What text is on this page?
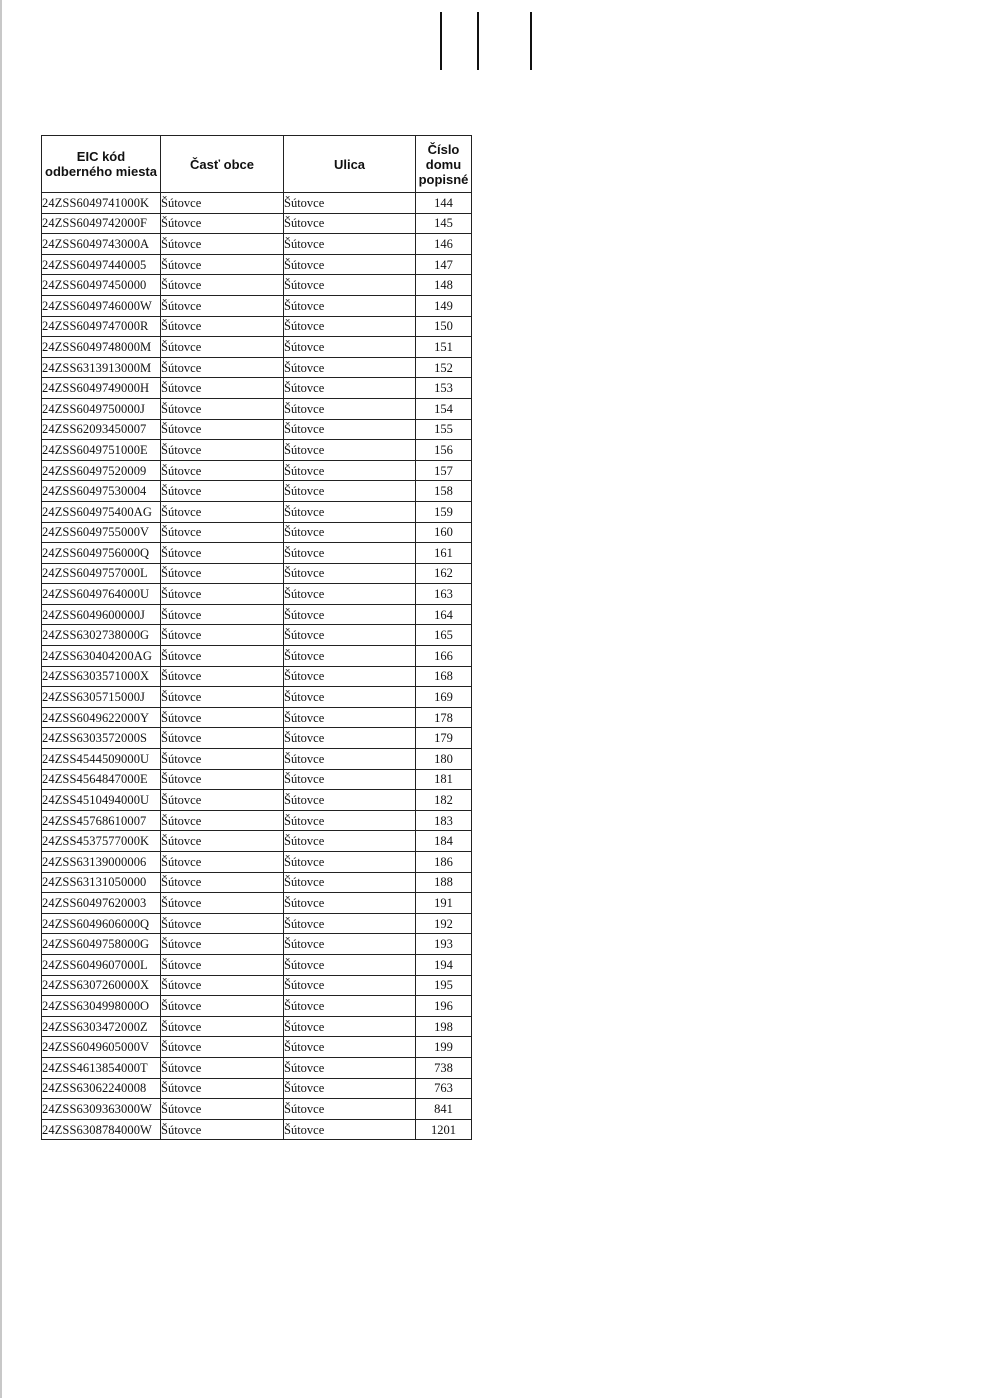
EIC kód odberného miesta	Časť obce	Ulica	Číslo domu popisné
24ZSS6049741000K	Šútovce	Šútovce	144
24ZSS6049742000F	Šútovce	Šútovce	145
24ZSS6049743000A	Šútovce	Šútovce	146
24ZSS60497440005	Šútovce	Šútovce	147
24ZSS60497450000	Šútovce	Šútovce	148
24ZSS6049746000W	Šútovce	Šútovce	149
24ZSS6049747000R	Šútovce	Šútovce	150
24ZSS6049748000M	Šútovce	Šútovce	151
24ZSS6313913000M	Šútovce	Šútovce	152
24ZSS6049749000H	Šútovce	Šútovce	153
24ZSS6049750000J	Šútovce	Šútovce	154
24ZSS62093450007	Šútovce	Šútovce	155
24ZSS6049751000E	Šútovce	Šútovce	156
24ZSS60497520009	Šútovce	Šútovce	157
24ZSS60497530004	Šútovce	Šútovce	158
24ZSS604975400AG	Šútovce	Šútovce	159
24ZSS6049755000V	Šútovce	Šútovce	160
24ZSS6049756000Q	Šútovce	Šútovce	161
24ZSS6049757000L	Šútovce	Šútovce	162
24ZSS6049764000U	Šútovce	Šútovce	163
24ZSS6049600000J	Šútovce	Šútovce	164
24ZSS6302738000G	Šútovce	Šútovce	165
24ZSS630404200AG	Šútovce	Šútovce	166
24ZSS6303571000X	Šútovce	Šútovce	168
24ZSS6305715000J	Šútovce	Šútovce	169
24ZSS6049622000Y	Šútovce	Šútovce	178
24ZSS6303572000S	Šútovce	Šútovce	179
24ZSS4544509000U	Šútovce	Šútovce	180
24ZSS4564847000E	Šútovce	Šútovce	181
24ZSS4510494000U	Šútovce	Šútovce	182
24ZSS45768610007	Šútovce	Šútovce	183
24ZSS4537577000K	Šútovce	Šútovce	184
24ZSS63139000006	Šútovce	Šútovce	186
24ZSS63131050000	Šútovce	Šútovce	188
24ZSS60497620003	Šútovce	Šútovce	191
24ZSS6049606000Q	Šútovce	Šútovce	192
24ZSS6049758000G	Šútovce	Šútovce	193
24ZSS6049607000L	Šútovce	Šútovce	194
24ZSS6307260000X	Šútovce	Šútovce	195
24ZSS6304998000O	Šútovce	Šútovce	196
24ZSS6303472000Z	Šútovce	Šútovce	198
24ZSS6049605000V	Šútovce	Šútovce	199
24ZSS4613854000T	Šútovce	Šútovce	738
24ZSS63062240008	Šútovce	Šútovce	763
24ZSS6309363000W	Šútovce	Šútovce	841
24ZSS6308784000W	Šútovce	Šútovce	1201
